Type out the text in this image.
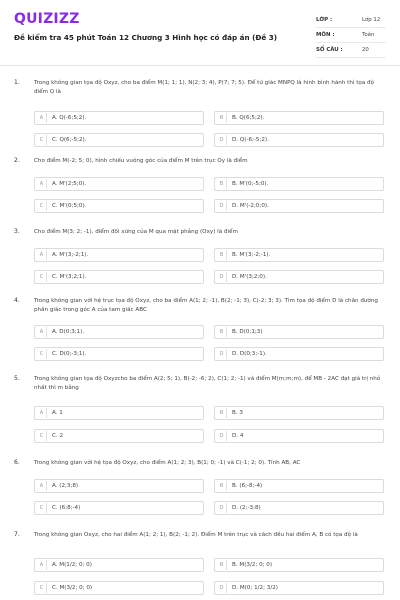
QUIZIZZ
Đề kiểm tra 45 phút Toán 12 Chương 3 Hình học có đáp án (Đề 3)
LỚP :	Lớp 12
MÔN :	Toán
SỐ CÂU :	20
1.	Trong không gian tọa độ Oxyz, cho ba điểm M(1; 1; 1), N(2; 3; 4), P(7; 7; 5). Để tứ giác MNPQ là hình bình hành thì tọa độ điểm Q là
A	A. Q(-6;5;2).	B	B. Q(6;5;2).
C	C. Q(6;-5;2).	D	D. Q(-6;-5;2).
2.	Cho điểm M(-2; 5; 0), hình chiếu vuông góc của điểm M trên trục Oy là điểm
A	A. M'(2;5;0).	B	B. M'(0;-5;0).
C	C. M'(0;5;0).	D	D. M'(-2;0;0).
3.	Cho điểm M(3; 2; -1), điểm đối xứng của M qua mặt phẳng (Oxy) là điểm
A	A. M'(3;-2;1).	B	B. M'(3;-2;-1).
C	C. M'(3;2;1).	D	D. M'(3;2;0).
4.	Trong không gian với hệ trục tọa độ Oxyz, cho ba điểm A(1; 2; -1), B(2; -1; 3), C(-2; 3; 3). Tìm tọa độ điểm D là chân đường phân giác trong góc A của tam giác ABC
A	A. D(0;3;1).	B	B. D(0;1;3)
C	C. D(0;-3;1).	D	D. D(0;3;-1).
5.	Trong không gian tọa độ Oxyzcho ba điểm A(2; 5; 1), B(-2; -6; 2), C(1; 2; -1) và điểm M(m;m;m), để MB - 2AC đạt giá trị nhỏ nhất thì m bằng
A	A. 1	B	B. 3
C	C. 2	D	D. 4
6.	Trong không gian với hệ tọa độ Oxyz, cho điểm A(1; 2; 3), B(1; 0; -1) và C(-1; 2; 0). Tính AB, AC
A	A. (2;3;8)	B	B. (6;-8;-4)
C	C. (6;8;-4)	D	D. (2;-3;8)
7.	Trong không gian Oxyz, cho hai điểm A(1; 2; 1), B(2; -1; 2). Điểm M trên trục và cách đều hai điểm A, B có tọa độ là
A	A. M(1/2; 0; 0)	B	B. M(3/2; 0; 0)
C	C. M(3/2; 0; 0)	D	D. M(0; 1/2; 3/2)
